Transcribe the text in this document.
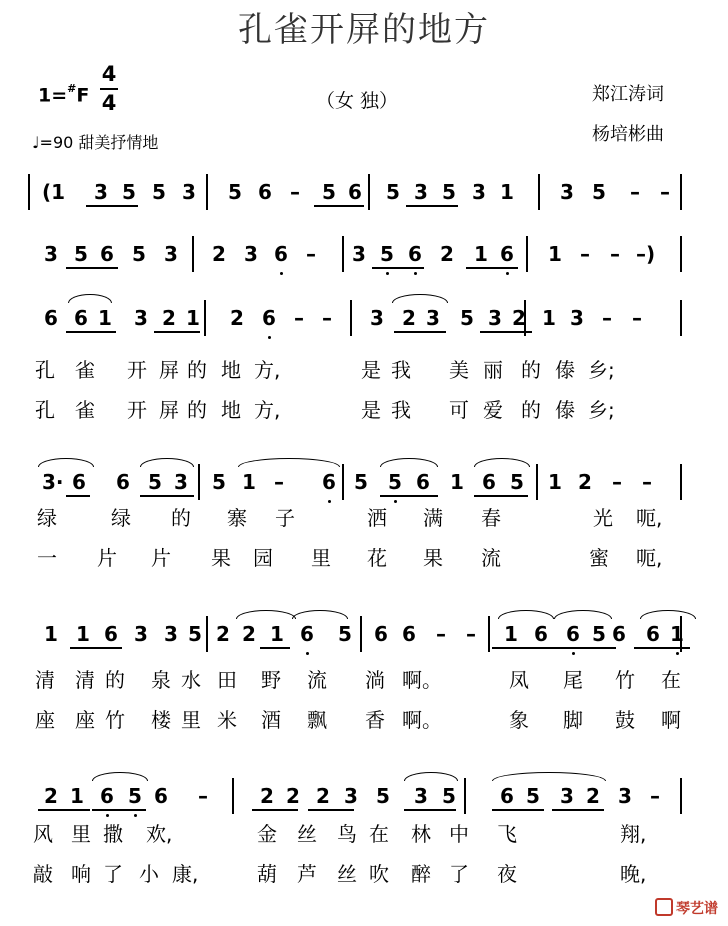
孔雀开屏的地方
1=#F
4
4	（女 独）	郑江涛词
杨培彬曲
♩=90 甜美抒情地
(1 3 5 5 3 5 6 – 5 6 5 3 5 3 1 3 5 – –
3 5 6 5 3 2 3 6 – 3 5 6 2 1 6 1 – – –)
6 6 1 3 2 1 2 6 – – 3 2 3 5 3 2 1 3 – –
孔 雀 开 屏 的 地 方,	是 我 美 丽 的 傣 乡;
孔 雀 开 屏 的 地 方,	是 我 可 爱 的 傣 乡;
3· 6 6 5 3 5 1 – 6 5 5 6 1 6 5 1 2 – –
绿	绿 的 寨 子	洒 满 春	光 呃,
一 片 片 果 园 里 花 果 流	蜜 呃,
1 1 6 3 3 5 2 2 1 6 5 6 6 – – 1 6 6 5 6 6 1
清 清 的 泉 水 田 野 流 淌 啊。	凤 尾 竹 在
座 座 竹 楼 里 米 酒 飘 香 啊。	象 脚 鼓 啊
2 1 6 5 6 –	2 2 2 3 5 3 5 6 5 3 2 3 –
风 里 撒 欢,	金 丝 鸟 在 林 中 飞	翔,
敲 响 了 小 康,	葫 芦 丝 吹 醉 了 夜	晚,
琴艺谱
